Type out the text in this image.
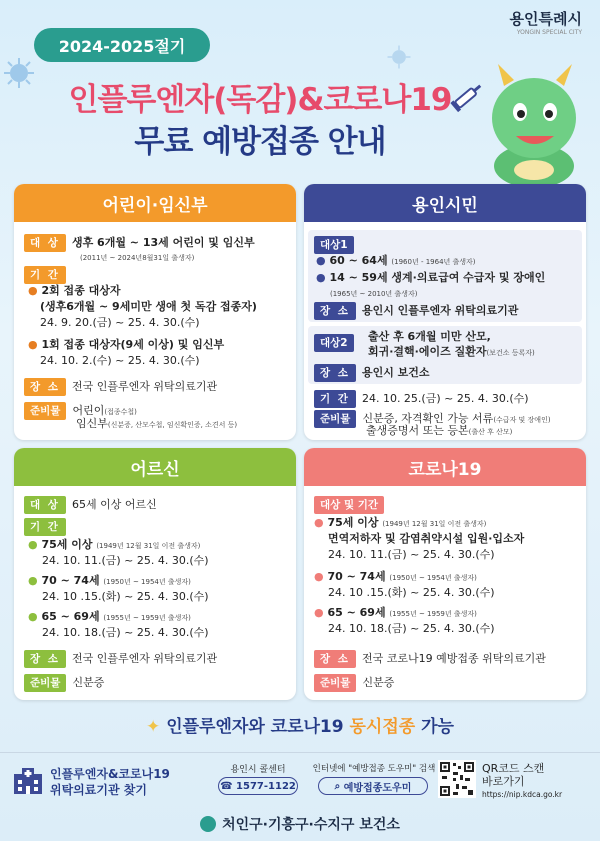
2024-2025절기
용인특례시
YONGIN SPECIAL CITY
인플루엔자(독감)&코로나19
무료 예방접종 안내
어린이·임신부
대 상 생후 6개월 ~ 13세 어린이 및 임신부
(2011년 ~ 2024년8월31일 출생자)
기 간
● 2회 접종 대상자
(생후6개월 ~ 9세미만 생애 첫 독감 접종자)
24. 9. 20.(금) ~ 25. 4. 30.(수)
● 1회 접종 대상자(9세 이상) 및 임신부
24. 10. 2.(수) ~ 25. 4. 30.(수)
장 소 전국 인플루엔자 위탁의료기관
준비물 어린이(접종수첩)
임신부(신분증, 산모수첩, 임신확인증, 소견서 등)
용인시민
대상1
● 60 ~ 64세 (1960년 - 1964년 출생자)
● 14 ~ 59세 생계·의료급여 수급자 및 장애인
(1965년 ~ 2010년 출생자)
장 소 용인시 인플루엔자 위탁의료기관
대상2	출산 후 6개월 미만 산모,
회귀·결핵·에이즈 질환자(보건소 등록자)
장 소 용인시 보건소
기 간 24. 10. 25.(금) ~ 25. 4. 30.(수)
준비물 신분증, 자격확인 가능 서류(수급자 및 장애인)
출생증명서 또는 등본(출산 후 산모)
어르신
대 상 65세 이상 어르신
기 간
● 75세 이상 (1949년 12월 31일 이전 출생자)
24. 10. 11.(금) ~ 25. 4. 30.(수)
● 70 ~ 74세 (1950년 ~ 1954년 출생자)
24. 10 .15.(화) ~ 25. 4. 30.(수)
● 65 ~ 69세 (1955년 ~ 1959년 출생자)
24. 10. 18.(금) ~ 25. 4. 30.(수)
장 소 전국 인플루엔자 위탁의료기관
준비물 신분증
코로나19
대상 및 기간
● 75세 이상 (1949년 12월 31일 이전 출생자)
면역저하자 및 감염취약시설 입원·입소자
24. 10. 11.(금) ~ 25. 4. 30.(수)
● 70 ~ 74세 (1950년 ~ 1954년 출생자)
24. 10 .15.(화) ~ 25. 4. 30.(수)
● 65 ~ 69세 (1955년 ~ 1959년 출생자)
24. 10. 18.(금) ~ 25. 4. 30.(수)
장 소 전국 코로나19 예방접종 위탁의료기관
준비물 신분증
✦ 인플루엔자와 코로나19 동시접종 가능
인플루엔자&코로나19
위탁의료기관 찾기
용인시 콜센터
☎ 1577-1122
인터넷에 "예방접종 도우미" 검색
⌕ 예방접종도우미
QR코드 스캔
바로가기
https://nip.kdca.go.kr
처인구·기흥구·수지구 보건소
